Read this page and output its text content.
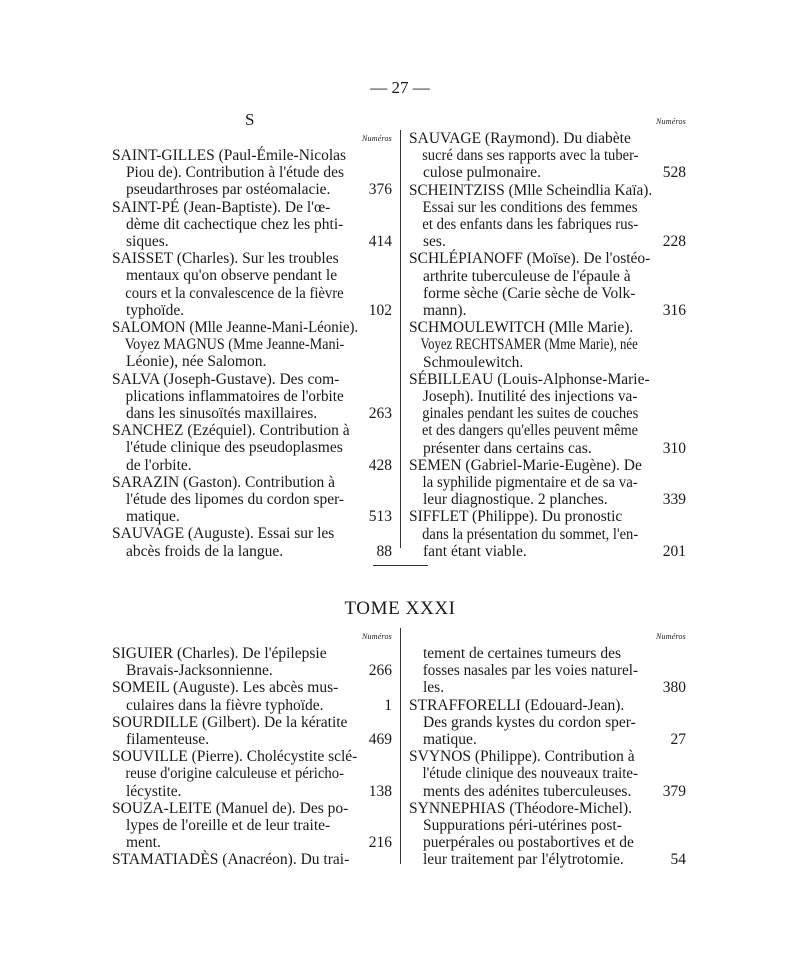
— 27 —
S
Numéros
SAINT-GILLES (Paul-Émile-Nicolas
Piou de). Contribution à l'étude des
pseudarthroses par ostéomalacie.	376
SAINT-PÉ (Jean-Baptiste). De l'œ-
dème dit cachectique chez les phti-
siques.	414
SAISSET (Charles). Sur les troubles
mentaux qu'on observe pendant le
cours et la convalescence de la fièvre
typhoïde.	102
SALOMON (Mlle Jeanne-Mani-Léonie).
Voyez MAGNUS (Mme Jeanne-Mani-
Léonie), née Salomon.
SALVA (Joseph-Gustave). Des com-
plications inflammatoires de l'orbite
dans les sinusoïtés maxillaires.	263
SANCHEZ (Ezéquiel). Contribution à
l'étude clinique des pseudoplasmes
de l'orbite.	428
SARAZIN (Gaston). Contribution à
l'étude des lipomes du cordon sper-
matique.	513
SAUVAGE (Auguste). Essai sur les
abcès froids de la langue.	88
Numéros
SAUVAGE (Raymond). Du diabète
sucré dans ses rapports avec la tuber-
culose pulmonaire.	528
SCHEINTZISS (Mlle Scheindlia Kaïa).
Essai sur les conditions des femmes
et des enfants dans les fabriques rus-
ses.	228
SCHLÉPIANOFF (Moïse). De l'ostéo-
arthrite tuberculeuse de l'épaule à
forme sèche (Carie sèche de Volk-
mann).	316
SCHMOULEWITCH (Mlle Marie).
Voyez RECHTSAMER (Mme Marie), née
Schmoulewitch.
SÉBILLEAU (Louis-Alphonse-Marie-
Joseph). Inutilité des injections va-
ginales pendant les suites de couches
et des dangers qu'elles peuvent même
présenter dans certains cas.	310
SEMEN (Gabriel-Marie-Eugène). De
la syphilide pigmentaire et de sa va-
leur diagnostique. 2 planches.	339
SIFFLET (Philippe). Du pronostic
dans la présentation du sommet, l'en-
fant étant viable.	201
TOME XXXI
Numéros
SIGUIER (Charles). De l'épilepsie
Bravais-Jacksonnienne.	266
SOMEIL (Auguste). Les abcès mus-
culaires dans la fièvre typhoïde.	1
SOURDILLE (Gilbert). De la kératite
filamenteuse.	469
SOUVILLE (Pierre). Cholécystite sclé-
reuse d'origine calculeuse et péricho-
lécystite.	138
SOUZA-LEITE (Manuel de). Des po-
lypes de l'oreille et de leur traite-
ment.	216
STAMATIADÈS (Anacréon). Du trai-
Numéros
tement de certaines tumeurs des
fosses nasales par les voies naturel-
les.	380
STRAFFORELLI (Edouard-Jean).
Des grands kystes du cordon sper-
matique.	27
SVYNOS (Philippe). Contribution à
l'étude clinique des nouveaux traite-
ments des adénites tuberculeuses.	379
SYNNEPHIAS (Théodore-Michel).
Suppurations péri-utérines post-
puerpérales ou postabortives et de
leur traitement par l'élytrotomie.	54
